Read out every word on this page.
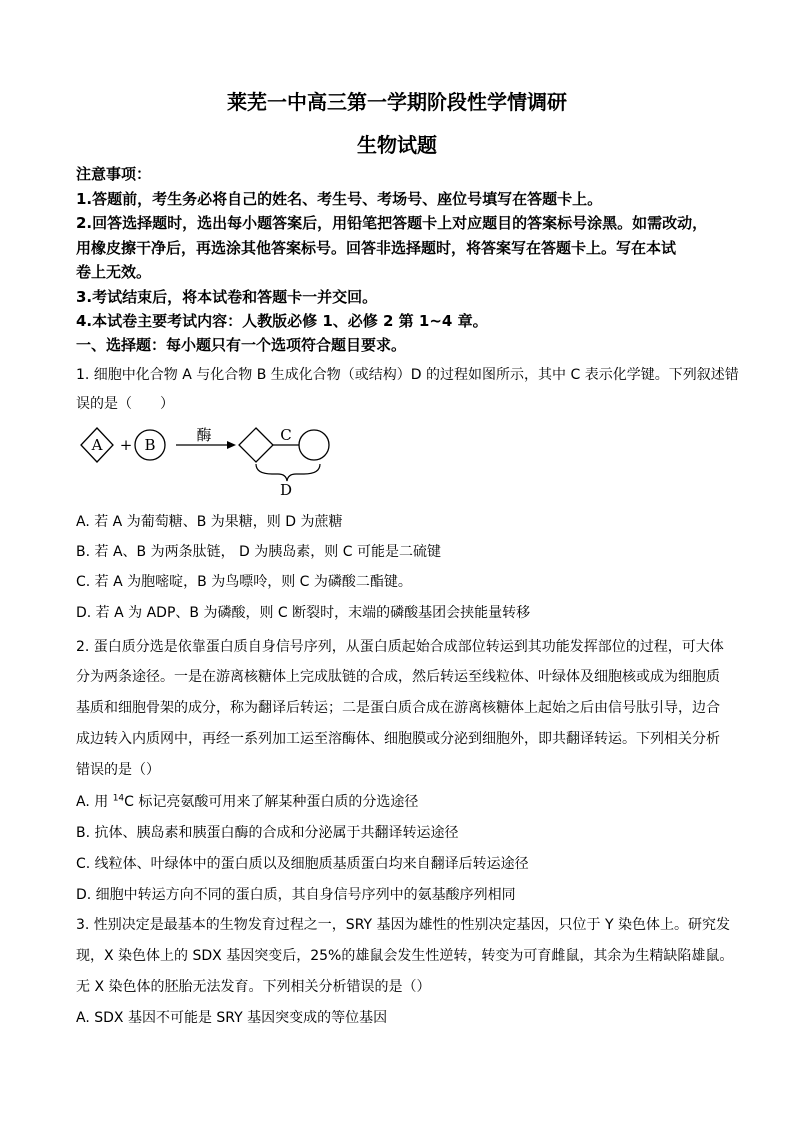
莱芜一中高三第一学期阶段性学情调研
生物试题
注意事项：
1.答题前，考生务必将自己的姓名、考生号、考场号、座位号填写在答题卡上。
2.回答选择题时，选出每小题答案后，用铅笔把答题卡上对应题目的答案标号涂黑。如需改动，
用橡皮擦干净后，再选涂其他答案标号。回答非选择题时，将答案写在答题卡上。写在本试
卷上无效。
3.考试结束后，将本试卷和答题卡一并交回。
4.本试卷主要考试内容：人教版必修 1、必修 2 第 1~4 章。
一、选择题：每小题只有一个选项符合题目要求。
1. 细胞中化合物 A 与化合物 B 生成化合物（或结构）D 的过程如图所示，其中 C 表示化学键。下列叙述错
误的是（　　）
A + B
酶	C
D
A. 若 A 为葡萄糖、B 为果糖，则 D 为蔗糖
B. 若 A、B 为两条肽链， D 为胰岛素，则 C 可能是二硫键
C. 若 A 为胞嘧啶，B 为鸟嘌呤，则 C 为磷酸二酯键。
D. 若 A 为 ADP、B 为磷酸，则 C 断裂时，末端的磷酸基团会挟能量转移
2. 蛋白质分选是依靠蛋白质自身信号序列，从蛋白质起始合成部位转运到其功能发挥部位的过程，可大体
分为两条途径。一是在游离核糖体上完成肽链的合成，然后转运至线粒体、叶绿体及细胞核或成为细胞质
基质和细胞骨架的成分，称为翻译后转运；二是蛋白质合成在游离核糖体上起始之后由信号肽引导，边合
成边转入内质网中，再经一系列加工运至溶酶体、细胞膜或分泌到细胞外，即共翻译转运。下列相关分析
错误的是（）
A. 用 $^{14}$C 标记亮氨酸可用来了解某种蛋白质的分选途径
B. 抗体、胰岛素和胰蛋白酶的合成和分泌属于共翻译转运途径
C. 线粒体、叶绿体中的蛋白质以及细胞质基质蛋白均来自翻译后转运途径
D. 细胞中转运方向不同的蛋白质，其自身信号序列中的氨基酸序列相同
3. 性别决定是最基本的生物发育过程之一，SRY 基因为雄性的性别决定基因，只位于 Y 染色体上。研究发
现，X 染色体上的 SDX 基因突变后，25%的雄鼠会发生性逆转，转变为可育雌鼠，其余为生精缺陷雄鼠。
无 X 染色体的胚胎无法发育。下列相关分析错误的是（）
A. SDX 基因不可能是 SRY 基因突变成的等位基因
